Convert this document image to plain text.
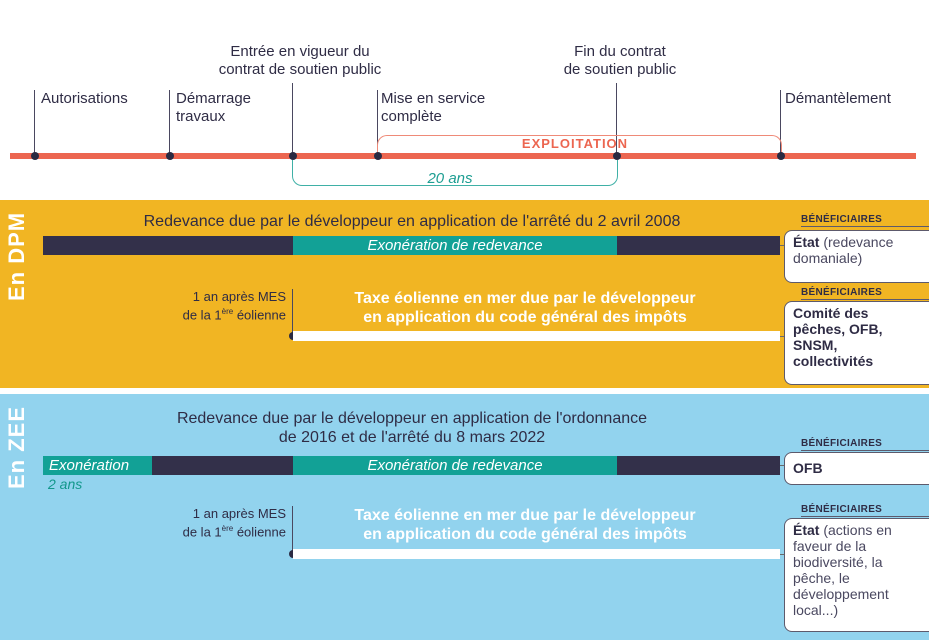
Autorisations	Démarrage
travaux
Entrée en vigueur du
contrat de soutien public
Mise en service
complète
Fin du contrat
de soutien public
Démantèlement
EXPLOITATION
20 ans
En DPM	Redevance due par le développeur en application de l'arrêté du 2 avril 2008
Exonération de redevance
1 an après MES
de la 1ère éolienne
Taxe éolienne en mer due par le développeur
en application du code général des impôts
BÉNÉFICIAIRES
État (redevance domaniale)
BÉNÉFICIAIRES
Comité des pêches, OFB, SNSM, collectivités
En ZEE	Redevance due par le développeur en application de l'ordonnance
de 2016 et de l'arrêté du 8 mars 2022
Exonération	Exonération de redevance
2 ans
1 an après MES
de la 1ère éolienne
Taxe éolienne en mer due par le développeur
en application du code général des impôts
BÉNÉFICIAIRES
OFB
BÉNÉFICIAIRES
État (actions en faveur de la biodiversité, la pêche, le développement local...)
